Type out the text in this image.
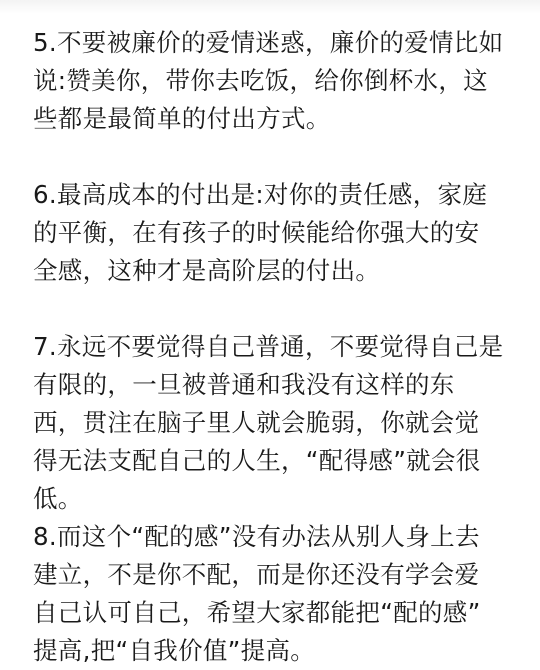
5.不要被廉价的爱情迷惑，廉价的爱情比如
说:赞美你，带你去吃饭，给你倒杯水，这
些都是最简单的付出方式。
6.最高成本的付出是:对你的责任感，家庭
的平衡，在有孩子的时候能给你强大的安
全感，这种才是高阶层的付出。
7.永远不要觉得自己普通，不要觉得自己是
有限的，一旦被普通和我没有这样的东
西，贯注在脑子里人就会脆弱，你就会觉
得无法支配自己的人生，“配得感”就会很
低。
8.而这个“配的感”没有办法从别人身上去
建立，不是你不配，而是你还没有学会爱
自己认可自己，希望大家都能把“配的感”
提高,把“自我价值”提高。
